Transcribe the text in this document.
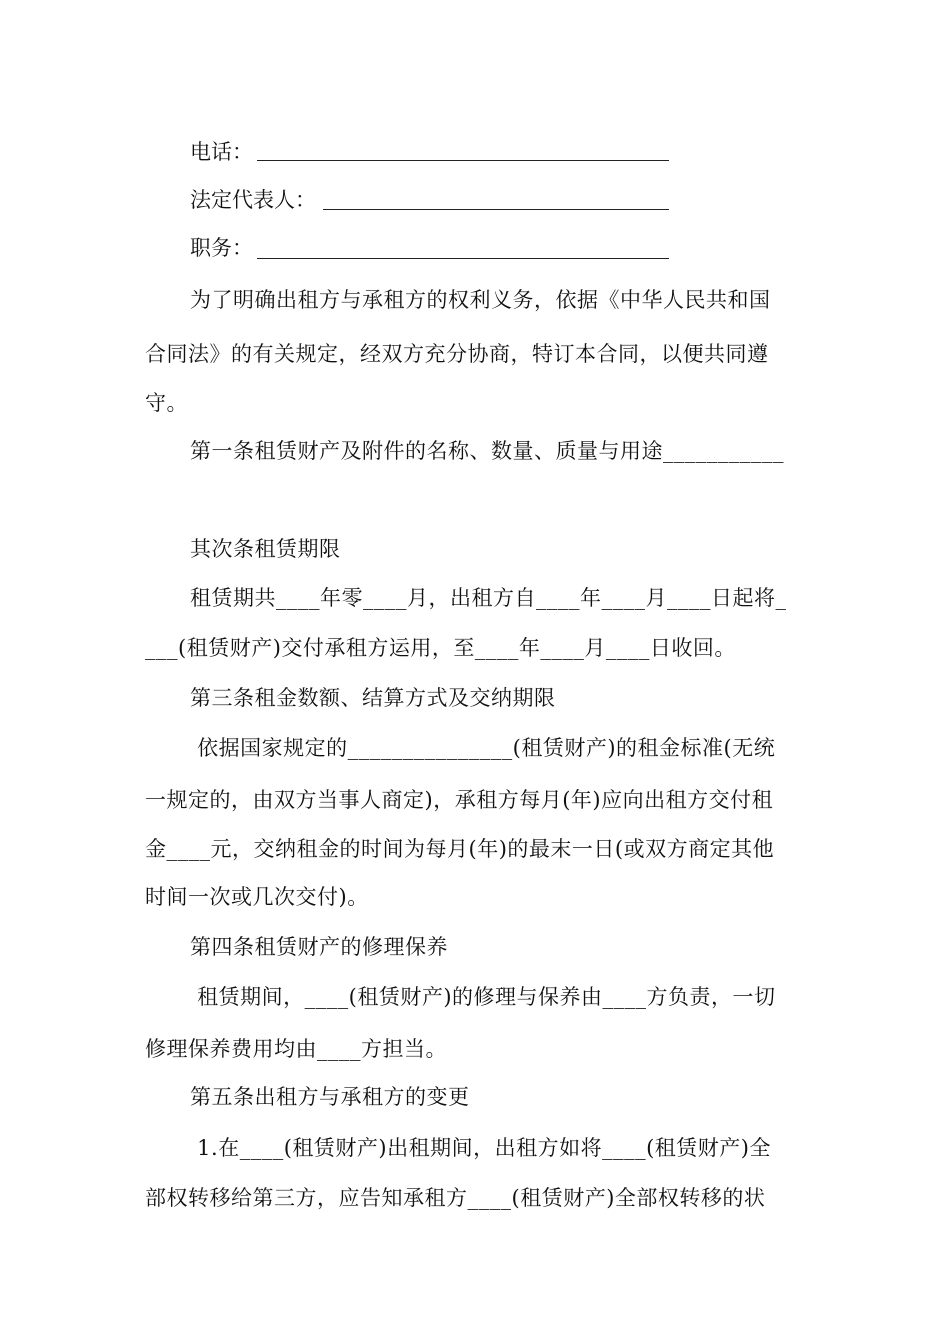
电话：
法定代表人：
职务：
为了明确出租方与承租方的权利义务，依据《中华人民共和国
合同法》的有关规定，经双方充分协商，特订本合同，以便共同遵
守。
第一条租赁财产及附件的名称、数量、质量与用途___________
其次条租赁期限
租赁期共____年零____月，出租方自____年____月____日起将_
___(租赁财产)交付承租方运用，至____年____月____日收回。
第三条租金数额、结算方式及交纳期限
依据国家规定的_______________(租赁财产)的租金标准(无统
一规定的，由双方当事人商定)，承租方每月(年)应向出租方交付租
金____元，交纳租金的时间为每月(年)的最末一日(或双方商定其他
时间一次或几次交付)。
第四条租赁财产的修理保养
租赁期间，____(租赁财产)的修理与保养由____方负责，一切
修理保养费用均由____方担当。
第五条出租方与承租方的变更
1.在____(租赁财产)出租期间，出租方如将____(租赁财产)全
部权转移给第三方，应告知承租方____(租赁财产)全部权转移的状
